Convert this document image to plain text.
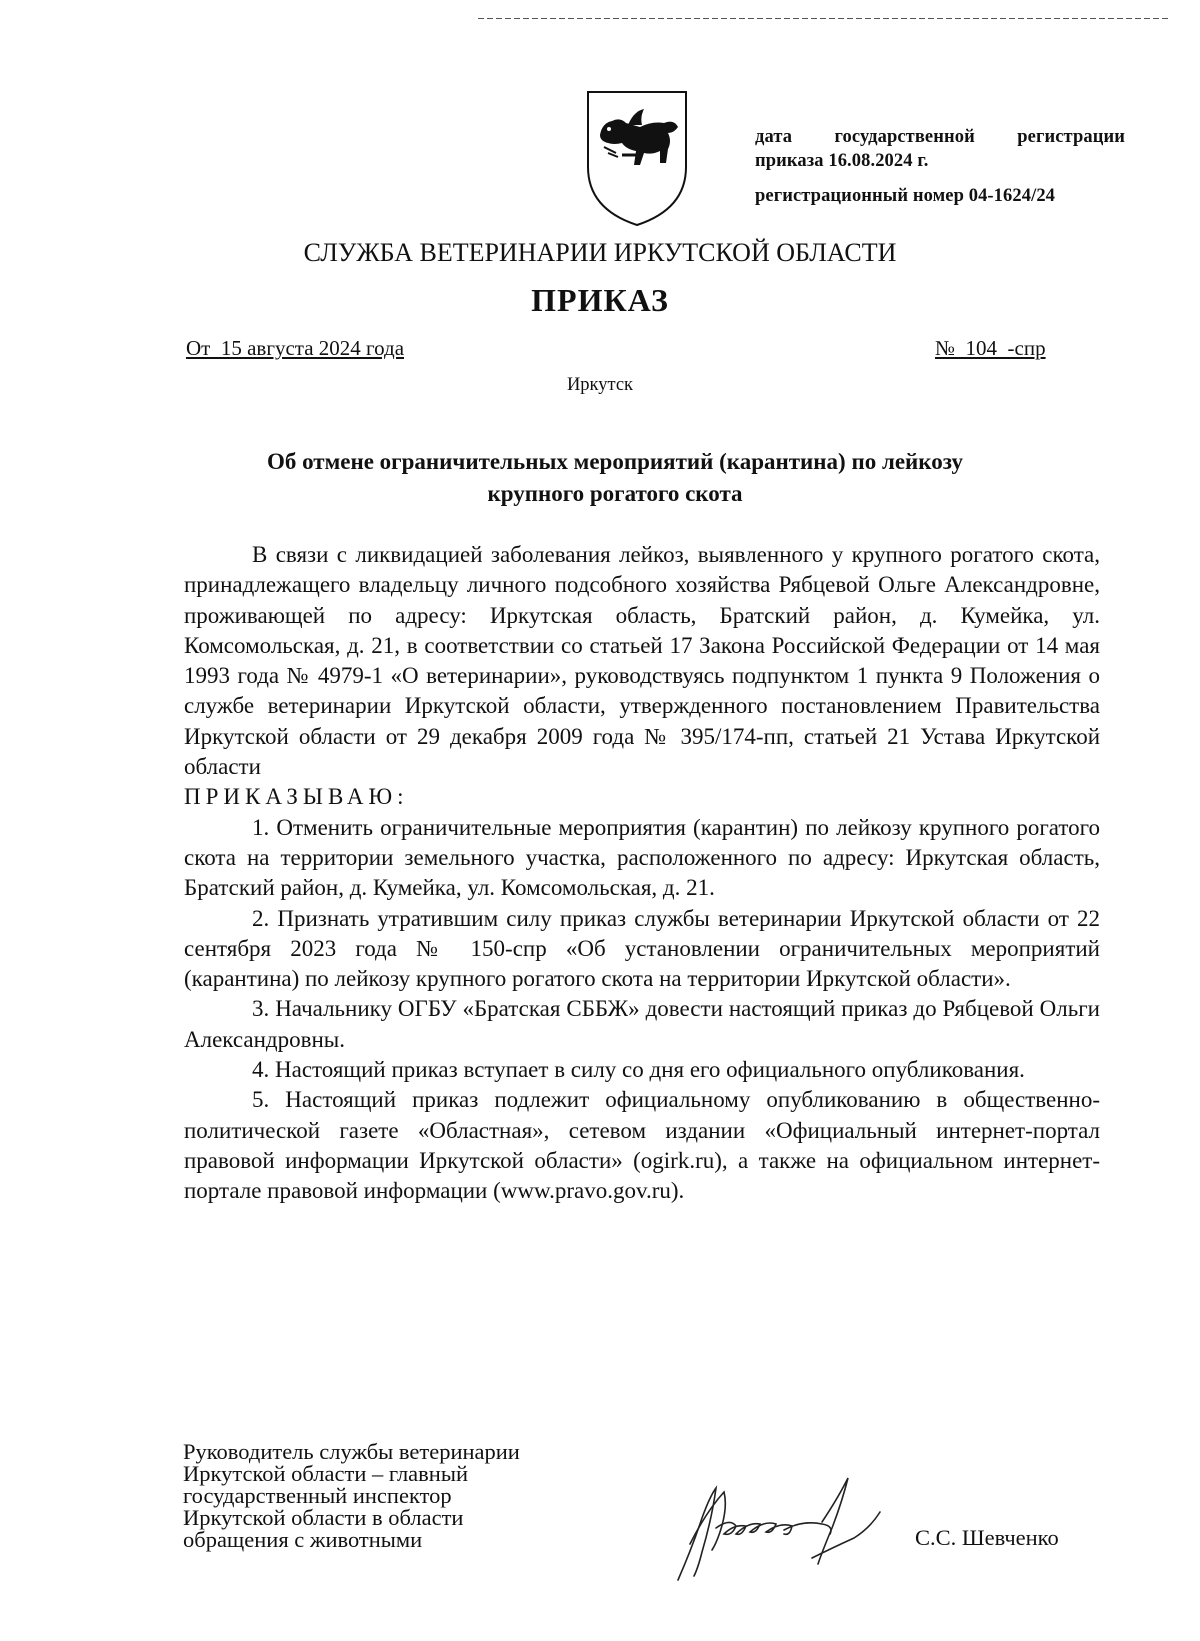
дата государственной регистрации
приказа 16.08.2024 г.
регистрационный номер 04-1624/24
СЛУЖБА ВЕТЕРИНАРИИ ИРКУТСКОЙ ОБЛАСТИ
ПРИКАЗ
От  15 августа 2024 года	№  104  -спр
Иркутск
Об отмене ограничительных мероприятий (карантина) по лейкозу
крупного рогатого скота

В связи с ликвидацией заболевания лейкоз, выявленного у крупного рогатого скота, принадлежащего владельцу личного подсобного хозяйства Рябцевой Ольге Александровне, проживающей по адресу: Иркутская область, Братский район, д. Кумейка, ул. Комсомольская, д. 21, в соответствии со статьей 17 Закона Российской Федерации от 14 мая 1993 года № 4979-1 «О ветеринарии», руководствуясь подпунктом 1 пункта 9 Положения о службе ветеринарии Иркутской области, утвержденного постановлением Правительства Иркутской области от 29 декабря 2009 года № 395/174-пп, статьей 21 Устава Иркутской области

ПРИКАЗЫВАЮ:

1. Отменить ограничительные мероприятия (карантин) по лейкозу крупного рогатого скота на территории земельного участка, расположенного по адресу: Иркутская область, Братский район, д. Кумейка, ул. Комсомольская, д. 21.

2. Признать утратившим силу приказ службы ветеринарии Иркутской области от 22 сентября 2023 года № 150-спр «Об установлении ограничительных мероприятий (карантина) по лейкозу крупного рогатого скота на территории Иркутской области».

3. Начальнику ОГБУ «Братская СББЖ» довести настоящий приказ до Рябцевой Ольги Александровны.

4. Настоящий приказ вступает в силу со дня его официального опубликования.

5. Настоящий приказ подлежит официальному опубликованию в общественно-политической газете «Областная», сетевом издании «Официальный интернет-портал правовой информации Иркутской области» (ogirk.ru), а также на официальном интернет-портале правовой информации (www.pravo.gov.ru).

Руководитель службы ветеринарии
Иркутской области – главный
государственный инспектор
Иркутской области в области
обращения с животными	С.С. Шевченко
